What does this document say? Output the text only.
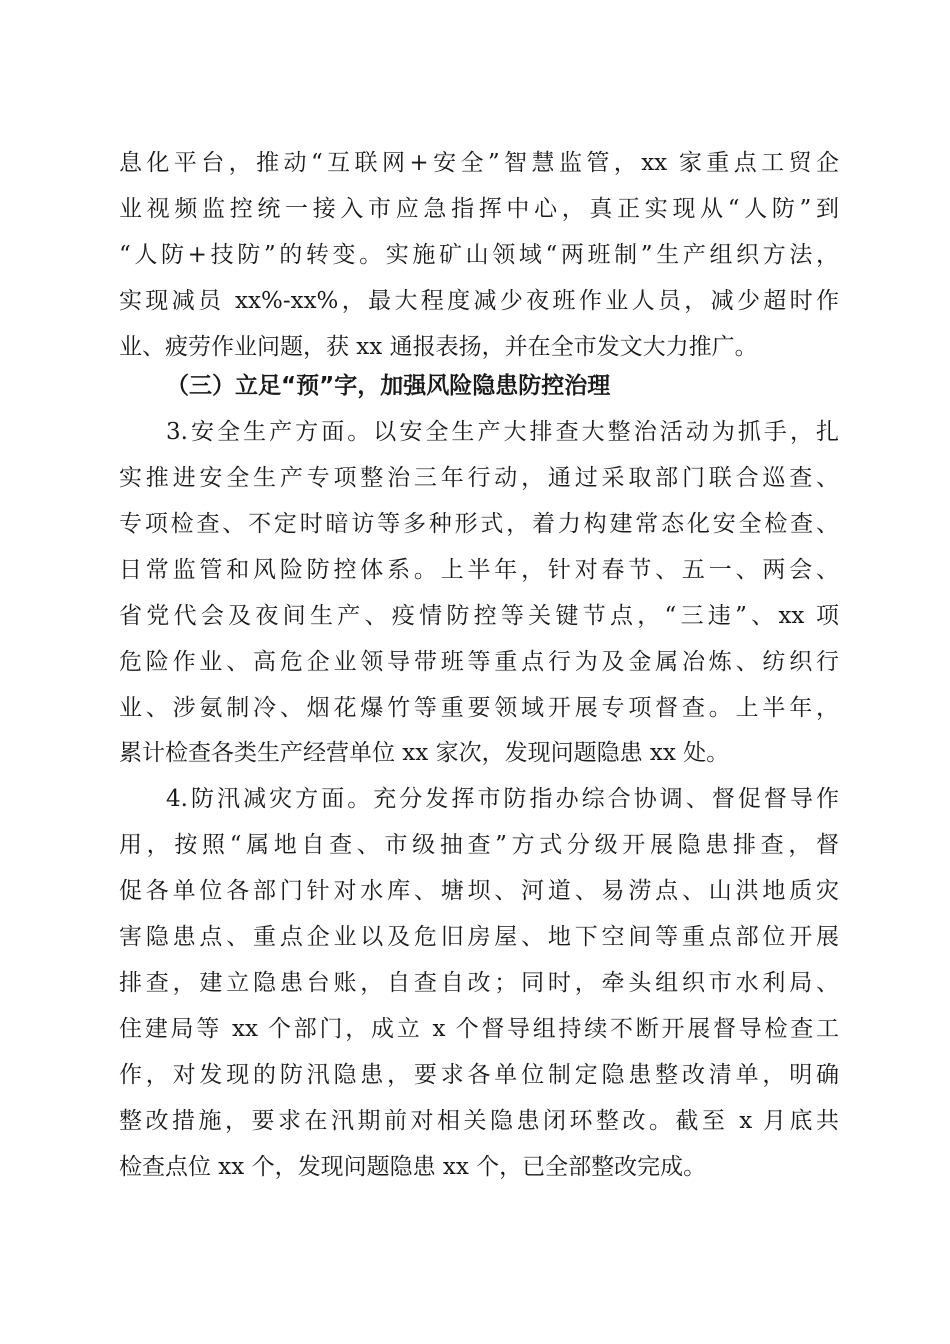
息化平台，推动“互联网+安全”智慧监管，xx 家重点工贸企
业视频监控统一接入市应急指挥中心，真正实现从“人防”到
“人防+技防”的转变。实施矿山领域“两班制”生产组织方法，
实现减员 xx%-xx%，最大程度减少夜班作业人员，减少超时作
业、疲劳作业问题，获 xx 通报表扬，并在全市发文大力推广。
（三）立足“预”字，加强风险隐患防控治理
3.安全生产方面。以安全生产大排查大整治活动为抓手，扎
实推进安全生产专项整治三年行动，通过采取部门联合巡查、
专项检查、不定时暗访等多种形式，着力构建常态化安全检查、
日常监管和风险防控体系。上半年，针对春节、五一、两会、
省党代会及夜间生产、疫情防控等关键节点，“三违”、xx 项
危险作业、高危企业领导带班等重点行为及金属冶炼、纺织行
业、涉氨制冷、烟花爆竹等重要领域开展专项督查。上半年，
累计检查各类生产经营单位 xx 家次，发现问题隐患 xx 处。
4.防汛减灾方面。充分发挥市防指办综合协调、督促督导作
用，按照“属地自查、市级抽查”方式分级开展隐患排查，督
促各单位各部门针对水库、塘坝、河道、易涝点、山洪地质灾
害隐患点、重点企业以及危旧房屋、地下空间等重点部位开展
排查，建立隐患台账，自查自改；同时，牵头组织市水利局、
住建局等 xx 个部门，成立 x 个督导组持续不断开展督导检查工
作，对发现的防汛隐患，要求各单位制定隐患整改清单，明确
整改措施，要求在汛期前对相关隐患闭环整改。截至 x 月底共
检查点位 xx 个，发现问题隐患 xx 个，已全部整改完成。
